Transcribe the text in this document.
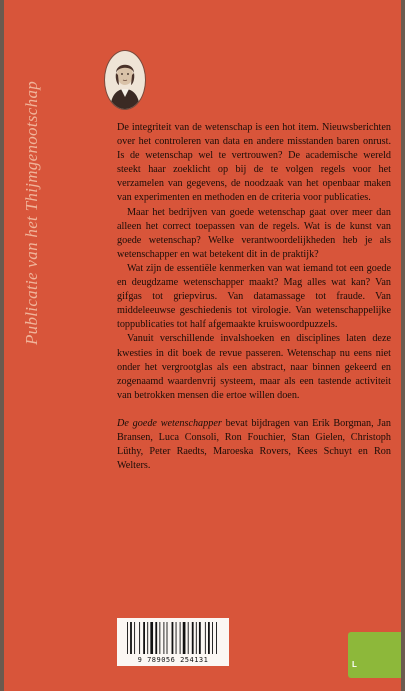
Publicatie van het Thijmgenootschap	De integriteit van de wetenschap is een hot item. Nieuwsberichten over het controleren van data en andere misstanden baren onrust. Is de wetenschap wel te vertrouwen? De academische wereld steekt haar zoeklicht op bij de te volgen regels voor het verzamelen van gegevens, de noodzaak van het openbaar maken van experimenten en methoden en de criteria voor publicaties.

Maar het bedrijven van goede wetenschap gaat over meer dan alleen het correct toepassen van de regels. Wat is de kunst van goede wetenschap? Welke verantwoordelijkheden heb je als wetenschapper en wat betekent dit in de praktijk?

Wat zijn de essentiële kenmerken van wat iemand tot een goede en deugdzame wetenschapper maakt? Mag alles wat kan? Van gifgas tot griepvirus. Van datamassage tot fraude. Van middeleeuwse geschiedenis tot virologie. Van wetenschappelijke toppublicaties tot half afgemaakte kruiswoordpuzzels.

Vanuit verschillende invalshoeken en disciplines laten deze kwesties in dit boek de revue passeren. Wetenschap nu eens niet onder het vergrootglas als een abstract, naar binnen gekeerd en zogenaamd waardenvrij systeem, maar als een tastende activiteit van betrokken mensen die ertoe willen doen.

De goede wetenschapper bevat bijdragen van Erik Borgman, Jan Bransen, Luca Consoli, Ron Fouchier, Stan Gielen, Christoph Lüthy, Peter Raedts, Maroeska Rovers, Kees Schuyt en Ron Welters.

9 789056 254131	L
